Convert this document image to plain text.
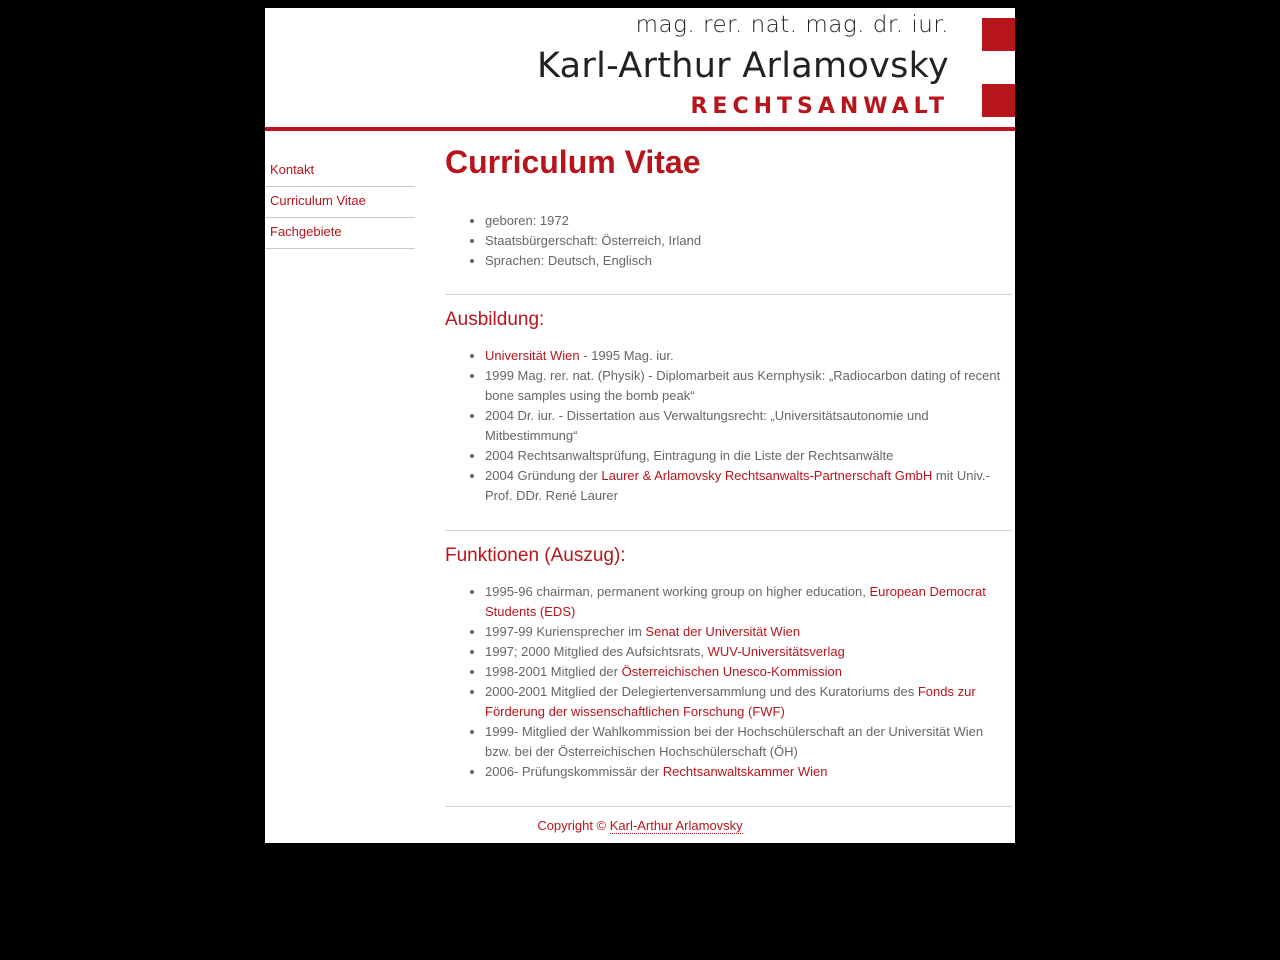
mag. rer. nat. mag. dr. iur.
Karl-Arthur Arlamovsky
RECHTSANWALT
Kontakt
Curriculum Vitae
Fachgebiete
Curriculum Vitae
• geboren: 1972
• Staatsbürgerschaft: Österreich, Irland
• Sprachen: Deutsch, Englisch
Ausbildung:
• Universität Wien - 1995 Mag. iur.
• 1999 Mag. rer. nat. (Physik) - Diplomarbeit aus Kernphysik: „Radiocarbon dating of recent bone samples using the bomb peak“
• 2004 Dr. iur. - Dissertation aus Verwaltungsrecht: „Universitätsautonomie und Mitbestimmung“
• 2004 Rechtsanwaltsprüfung, Eintragung in die Liste der Rechtsanwälte
• 2004 Gründung der Laurer & Arlamovsky Rechtsanwalts-Partnerschaft GmbH mit Univ.-Prof. DDr. René Laurer
Funktionen (Auszug):
• 1995-96 chairman, permanent working group on higher education, European Democrat Students (EDS)
• 1997-99 Kuriensprecher im Senat der Universität Wien
• 1997; 2000 Mitglied des Aufsichtsrats, WUV-Universitätsverlag
• 1998-2001 Mitglied der Österreichischen Unesco-Kommission
• 2000-2001 Mitglied der Delegiertenversammlung und des Kuratoriums des Fonds zur Förderung der wissenschaftlichen Forschung (FWF)
• 1999- Mitglied der Wahlkommission bei der Hochschülerschaft an der Universität Wien bzw. bei der Österreichischen Hochschülerschaft (ÖH)
• 2006- Prüfungskommissär der Rechtsanwaltskammer Wien
Copyright © Karl-Arthur Arlamovsky
